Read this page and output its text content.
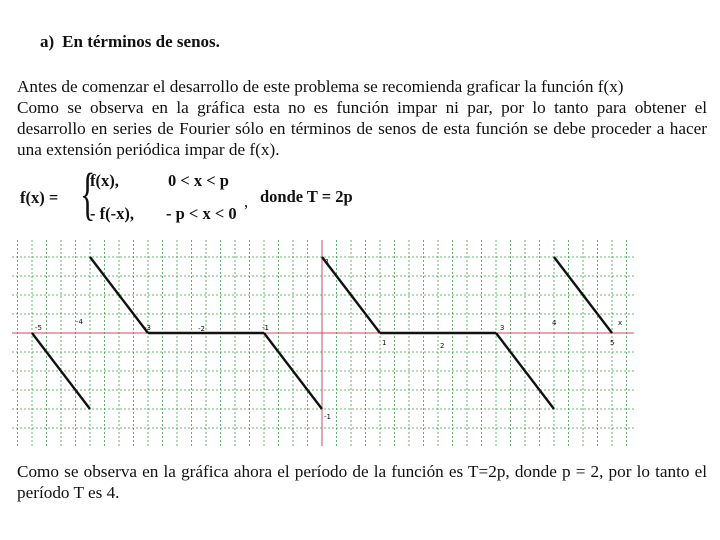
a) En términos de senos.

Antes de comenzar el desarrollo de este problema se recomienda graficar la función f(x)
Como se observa en la gráfica esta no es función impar ni par, por lo tanto para obtener el desarrollo en series de Fourier sólo en términos de senos de esta función se debe proceder a hacer una extensión periódica impar de f(x).

f(x) = {
f(x),	0 < x < p
- f(-x), - p < x < 0
, donde T = 2p
-5
-4
-3	-2	-1
1	2
3
4
5
1
-1
x

Como se observa en la gráfica ahora el período de la función es T=2p, donde p = 2, por lo tanto el período T es 4.
